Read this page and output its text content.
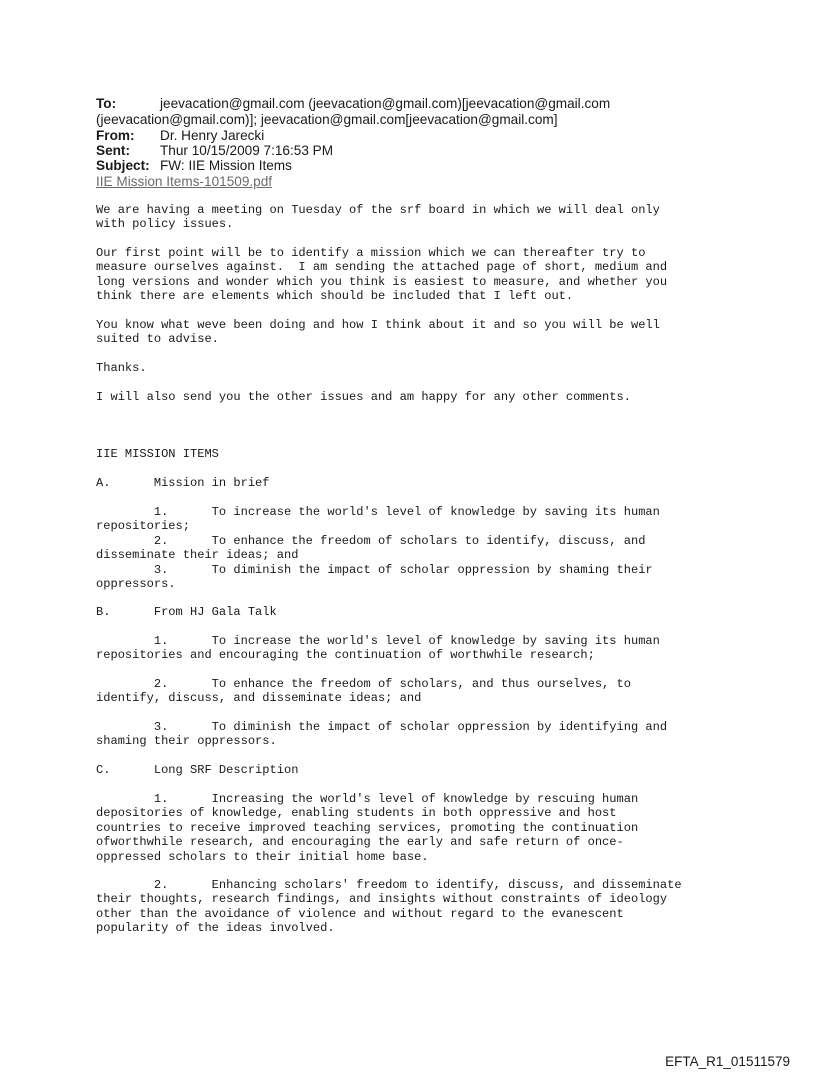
To:	jeevacation@gmail.com (jeevacation@gmail.com)[jeevacation@gmail.com
(jeevacation@gmail.com)]; jeevacation@gmail.com[jeevacation@gmail.com]
From: Dr. Henry Jarecki
Sent: Thur 10/15/2009 7:16:53 PM
Subject: FW: IIE Mission Items
IIE Mission Items-101509.pdf
We are having a meeting on Tuesday of the srf board in which we will deal only
with policy issues.
Our first point will be to identify a mission which we can thereafter try to
measure ourselves against.  I am sending the attached page of short, medium and
long versions and wonder which you think is easiest to measure, and whether you
think there are elements which should be included that I left out.
You know what weve been doing and how I think about it and so you will be well
suited to advise.
Thanks.
I will also send you the other issues and am happy for any other comments.
IIE MISSION ITEMS
A.      Mission in brief
1.      To increase the world's level of knowledge by saving its human
repositories;
2.      To enhance the freedom of scholars to identify, discuss, and
disseminate their ideas; and
3.      To diminish the impact of scholar oppression by shaming their
oppressors.
B.      From HJ Gala Talk
1.      To increase the world's level of knowledge by saving its human
repositories and encouraging the continuation of worthwhile research;
2.      To enhance the freedom of scholars, and thus ourselves, to
identify, discuss, and disseminate ideas; and
3.      To diminish the impact of scholar oppression by identifying and
shaming their oppressors.
C.      Long SRF Description
1.      Increasing the world's level of knowledge by rescuing human
depositories of knowledge, enabling students in both oppressive and host
countries to receive improved teaching services, promoting the continuation
ofworthwhile research, and encouraging the early and safe return of once-
oppressed scholars to their initial home base.
2.      Enhancing scholars' freedom to identify, discuss, and disseminate
their thoughts, research findings, and insights without constraints of ideology
other than the avoidance of violence and without regard to the evanescent
popularity of the ideas involved.
EFTA_R1_01511579
